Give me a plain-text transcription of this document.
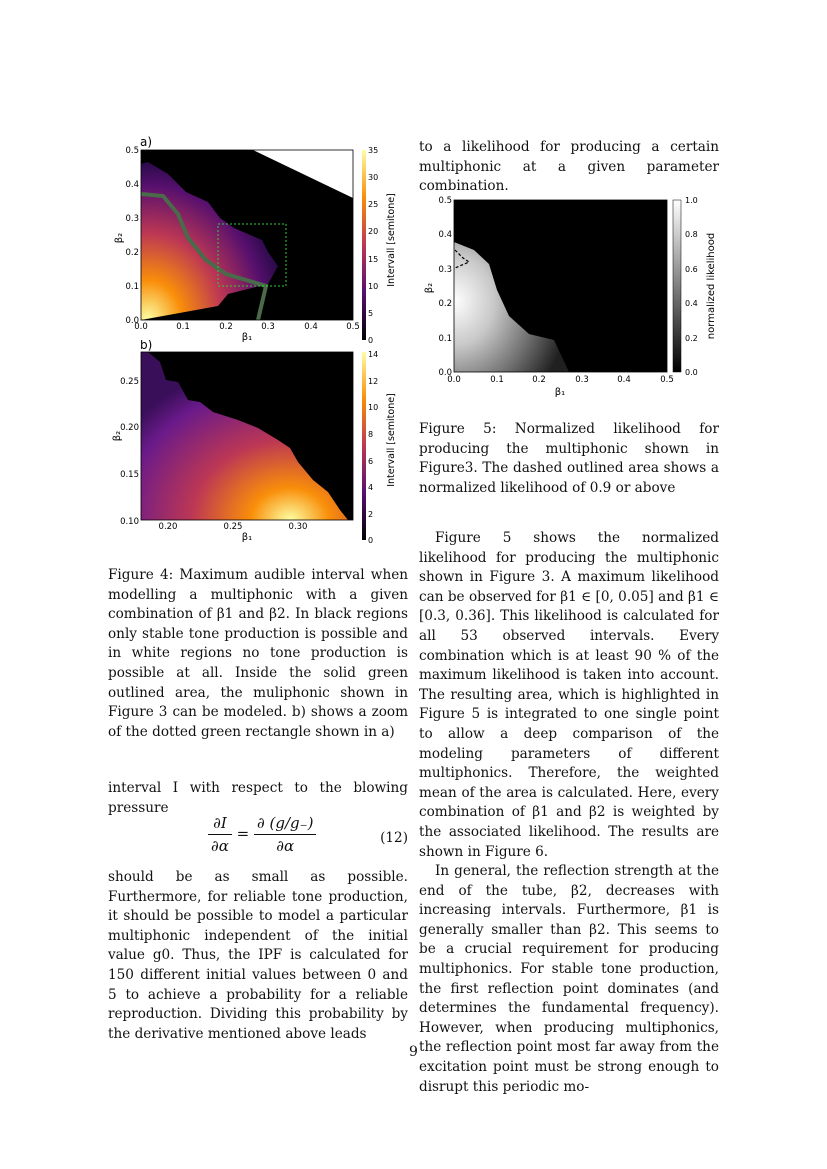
a)
0.0
0.1
0.2
0.3
0.4
0.5
0.0	0.1	0.2	0.3	0.4	0.5
β₁
β₂
0
5
10
15
20
25
30
35
Intervall [semitone]
b)
0.10
0.15
0.20
0.25
0.20	0.25	0.30
β₁
β₂
0
2
4
6
8
10
12
14
Intervall [semitone]
0.0
0.1
0.2
0.3
0.4
0.5
0.0	0.1	0.2	0.3	0.4	0.5
β₁
β₂
0.0
0.2
0.4
0.6
0.8
1.0
normalized likelihood

Figure 4: Maximum audible interval when modelling a multiphonic with a given combination of β1 and β2. In black regions only stable tone production is possible and in white regions no tone production is possible at all. Inside the solid green outlined area, the muliphonic shown in Figure 3 can be modeled. b) shows a zoom of the dotted green rectangle shown in a)

interval I with respect to the blowing pressure

$\frac{\partial I}{\partial\alpha} = \frac{\partial (g/g_-)}{\partial\alpha}$	(12)

should be as small as possible. Furthermore, for reliable tone production, it should be possible to model a particular multiphonic independent of the initial value g0. Thus, the IPF is calculated for 150 different initial values between 0 and 5 to achieve a probability for a reliable reproduction. Dividing this probability by the derivative mentioned above leads

to a likelihood for producing a certain multiphonic at a given parameter combination.

Figure 5: Normalized likelihood for producing the multiphonic shown in Figure3. The dashed outlined area shows a normalized likelihood of 0.9 or above

Figure 5 shows the normalized likelihood for producing the multiphonic shown in Figure 3. A maximum likelihood can be observed for β1 ∈ [0, 0.05] and β1 ∈ [0.3, 0.36]. This likelihood is calculated for all 53 observed intervals. Every combination which is at least 90 % of the maximum likelihood is taken into account. The resulting area, which is highlighted in Figure 5 is integrated to one single point to allow a deep comparison of the modeling parameters of different multiphonics. Therefore, the weighted mean of the area is calculated. Here, every combination of β1 and β2 is weighted by the associated likelihood. The results are shown in Figure 6.

In general, the reflection strength at the end of the tube, β2, decreases with increasing intervals. Furthermore, β1 is generally smaller than β2. This seems to be a crucial requirement for producing multiphonics. For stable tone production, the first reflection point dominates (and determines the fundamental frequency). However, when producing multiphonics, the reflection point most far away from the excitation point must be strong enough to disrupt this periodic mo-

9
